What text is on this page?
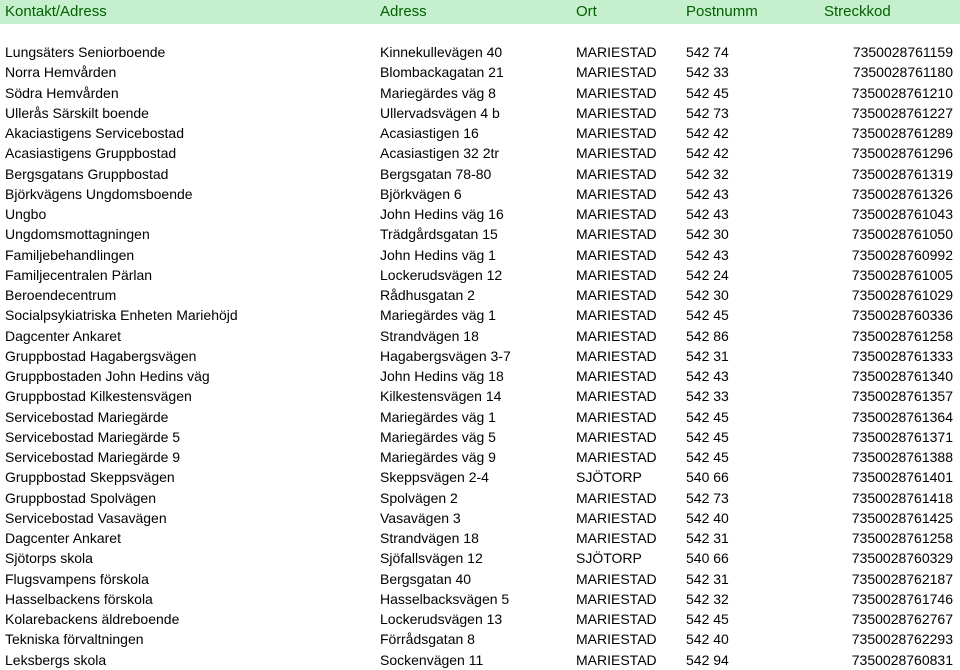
Kontakt/Adress	Adress	Ort	Postnumm	Streckkod
Lungsäters Seniorboende	Kinnekullevägen 40	MARIESTAD	542 74	7350028761159
Norra Hemvården	Blombackagatan 21	MARIESTAD	542 33	7350028761180
Södra Hemvården	Mariegärdes väg 8	MARIESTAD	542 45	7350028761210
Ullerås Särskilt boende	Ullervadsvägen 4 b	MARIESTAD	542 73	7350028761227
Akaciastigens Servicebostad	Acasiastigen 16	MARIESTAD	542 42	7350028761289
Acasiastigens Gruppbostad	Acasiastigen 32 2tr	MARIESTAD	542 42	7350028761296
Bergsgatans Gruppbostad	Bergsgatan 78-80	MARIESTAD	542 32	7350028761319
Björkvägens Ungdomsboende	Björkvägen 6	MARIESTAD	542 43	7350028761326
Ungbo	John Hedins väg 16	MARIESTAD	542 43	7350028761043
Ungdomsmottagningen	Trädgårdsgatan 15	MARIESTAD	542 30	7350028761050
Familjebehandlingen	John Hedins väg 1	MARIESTAD	542 43	7350028760992
Familjecentralen Pärlan	Lockerudsvägen 12	MARIESTAD	542 24	7350028761005
Beroendecentrum	Rådhusgatan 2	MARIESTAD	542 30	7350028761029
Socialpsykiatriska Enheten Mariehöjd	Mariegärdes väg 1	MARIESTAD	542 45	7350028760336
Dagcenter Ankaret	Strandvägen 18	MARIESTAD	542 86	7350028761258
Gruppbostad Hagabergsvägen	Hagabergsvägen 3-7	MARIESTAD	542 31	7350028761333
Gruppbostaden John Hedins väg	John Hedins väg 18	MARIESTAD	542 43	7350028761340
Gruppbostad Kilkestensvägen	Kilkestensvägen 14	MARIESTAD	542 33	7350028761357
Servicebostad Mariegärde	Mariegärdes väg 1	MARIESTAD	542 45	7350028761364
Servicebostad Mariegärde 5	Mariegärdes väg 5	MARIESTAD	542 45	7350028761371
Servicebostad Mariegärde 9	Mariegärdes väg 9	MARIESTAD	542 45	7350028761388
Gruppbostad Skeppsvägen	Skeppsvägen 2-4	SJÖTORP	540 66	7350028761401
Gruppbostad Spolvägen	Spolvägen 2	MARIESTAD	542 73	7350028761418
Servicebostad Vasavägen	Vasavägen 3	MARIESTAD	542 40	7350028761425
Dagcenter Ankaret	Strandvägen 18	MARIESTAD	542 31	7350028761258
Sjötorps skola	Sjöfallsvägen 12	SJÖTORP	540 66	7350028760329
Flugsvampens förskola	Bergsgatan 40	MARIESTAD	542 31	7350028762187
Hasselbackens förskola	Hasselbacksvägen 5	MARIESTAD	542 32	7350028761746
Kolarebackens äldreboende	Lockerudsvägen 13	MARIESTAD	542 45	7350028762767
Tekniska förvaltningen	Förrådsgatan 8	MARIESTAD	542 40	7350028762293
Leksbergs skola	Sockenvägen 11	MARIESTAD	542 94	7350028760831
